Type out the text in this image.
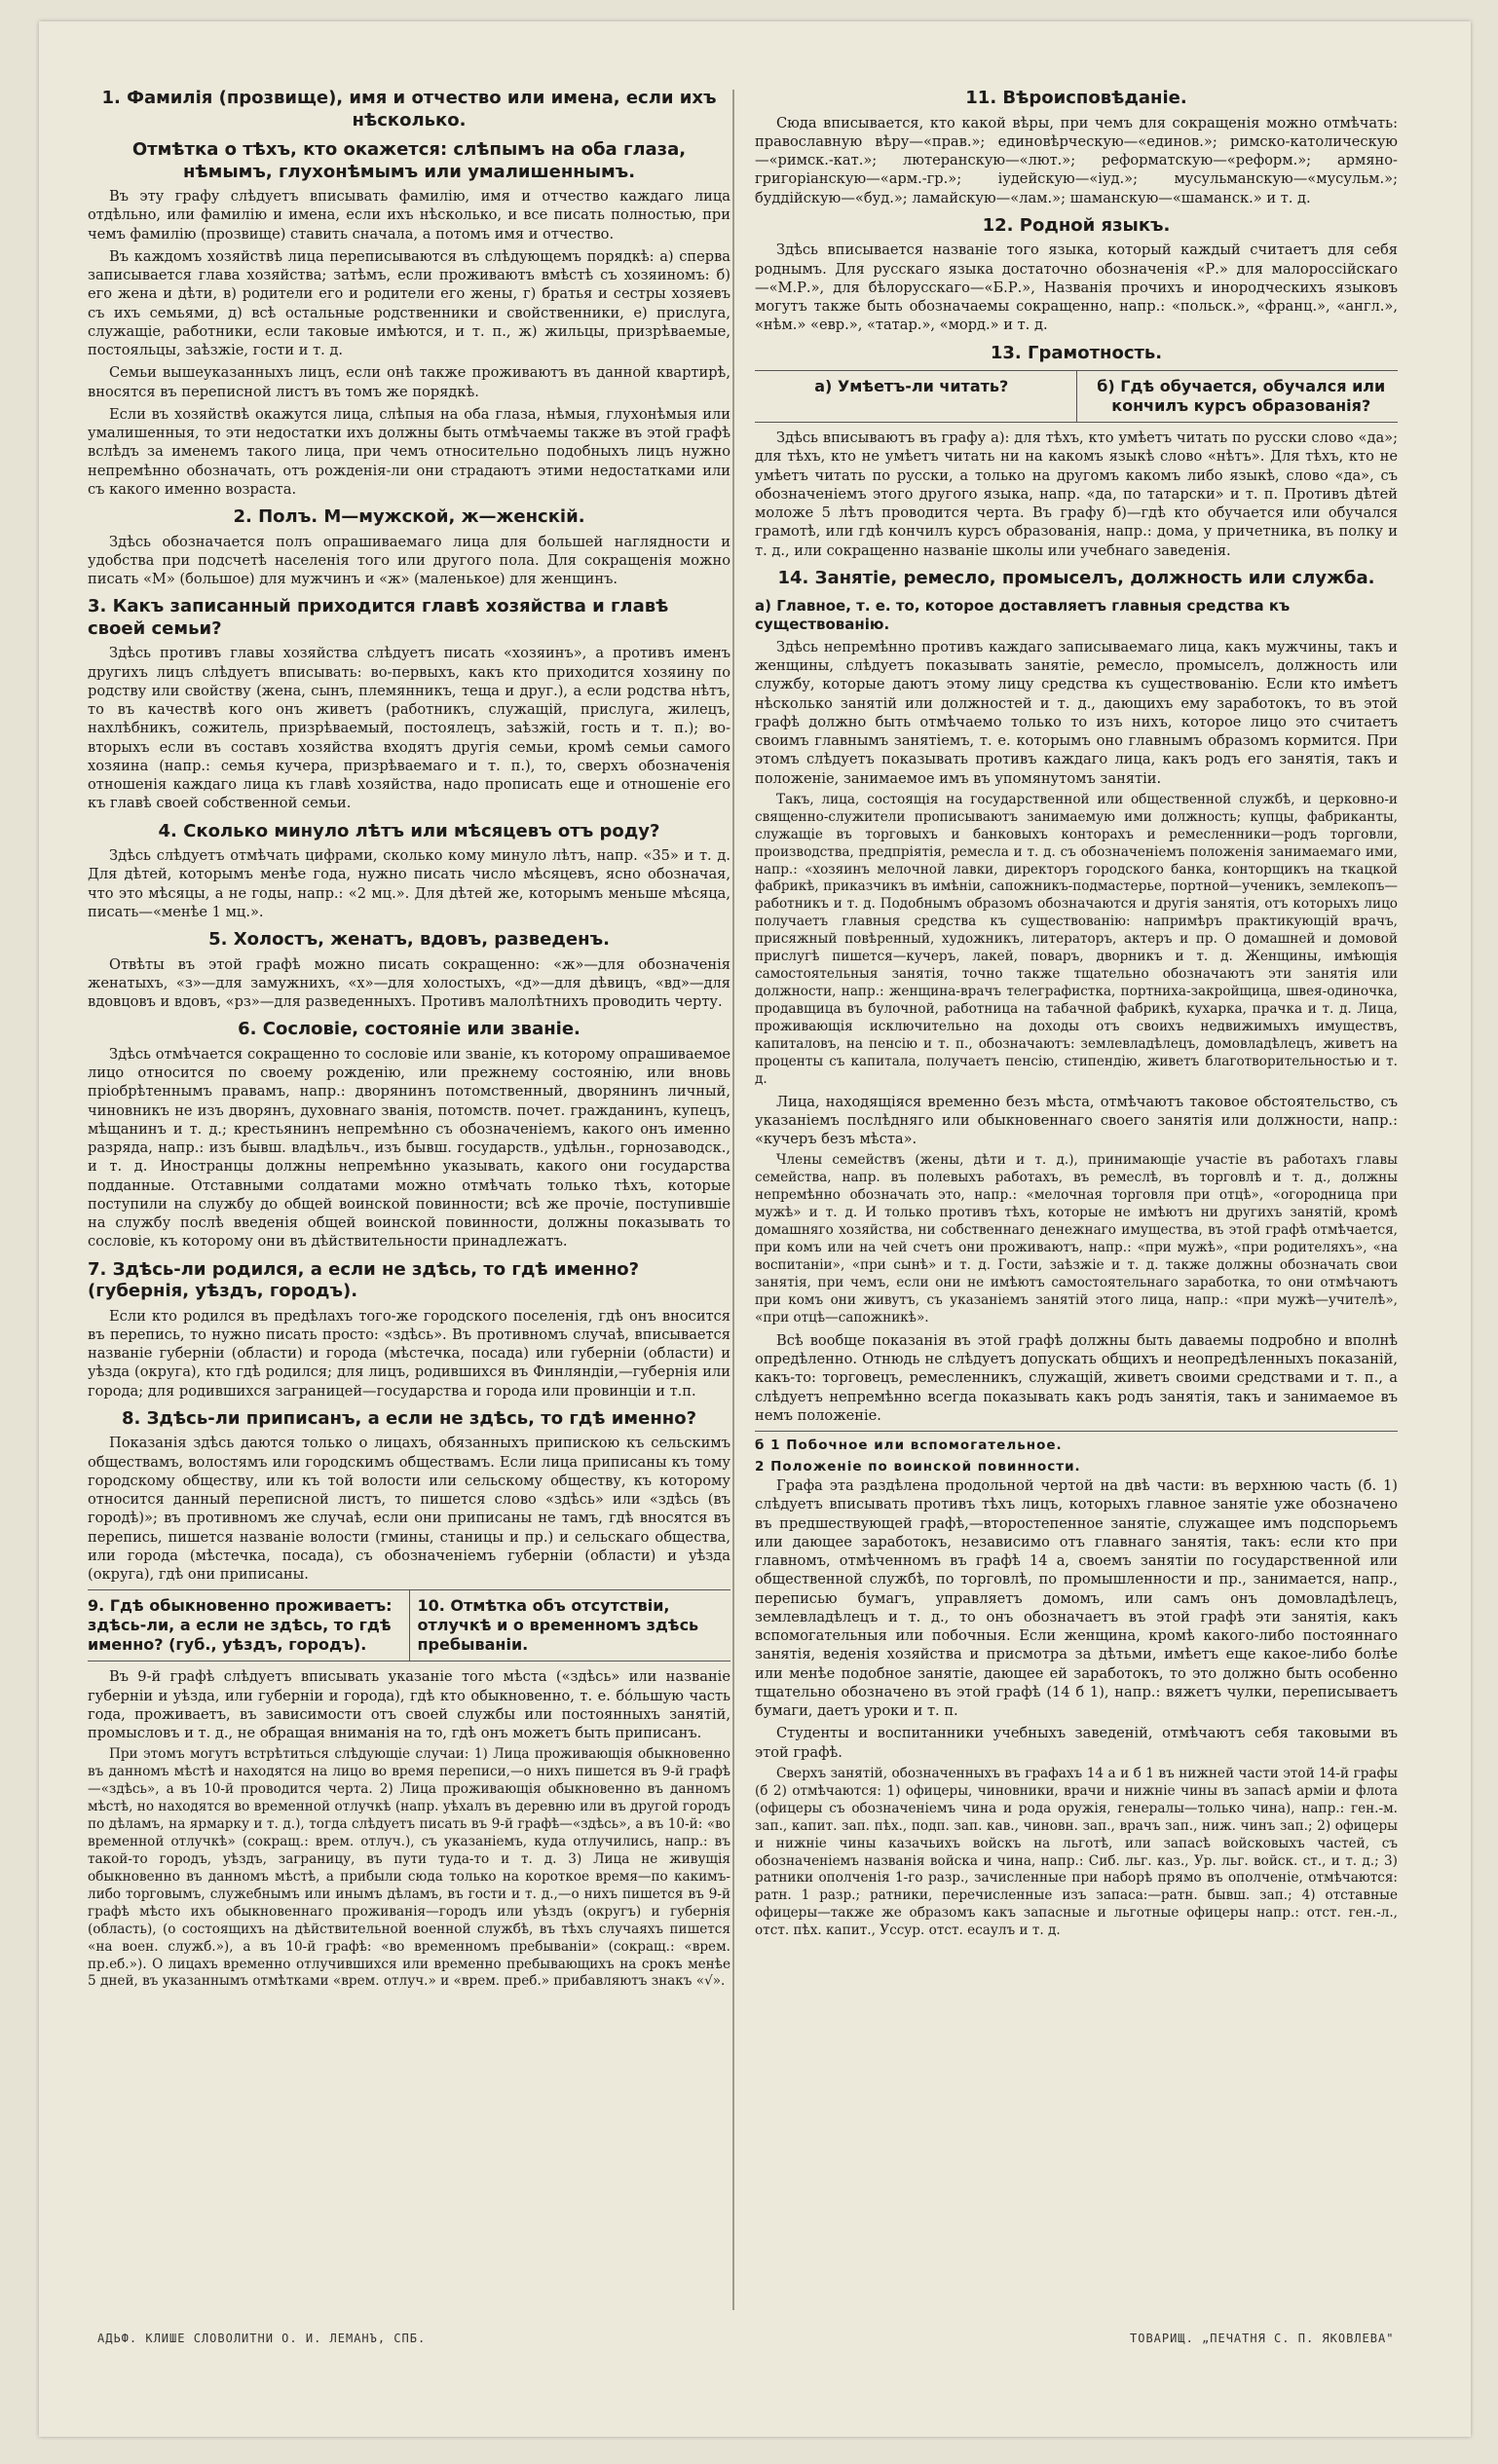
1. Фамилія (прозвище), имя и отчество или имена, если ихъ нѣсколько.
Отмѣтка о тѣхъ, кто окажется: слѣпымъ на оба глаза, нѣмымъ, глухонѣмымъ или умалишеннымъ.

Въ эту графу слѣдуетъ вписывать фамилію, имя и отчество каждаго лица отдѣльно, или фамилію и имена, если ихъ нѣсколько, и все писать полностью, при чемъ фамилію (прозвище) ставить сначала, а потомъ имя и отчество.

Въ каждомъ хозяйствѣ лица переписываются въ слѣдующемъ порядкѣ: а) сперва записывается глава хозяйства; затѣмъ, если проживаютъ вмѣстѣ съ хозяиномъ: б) его жена и дѣти, в) родители его и родители его жены, г) братья и сестры хозяевъ съ ихъ семьями, д) всѣ остальные родственники и свойственники, е) прислуга, служащіе, работники, если таковые имѣются, и т. п., ж) жильцы, призрѣваемые, постояльцы, заѣзжіе, гости и т. д.

Семьи вышеуказанныхъ лицъ, если онѣ также проживаютъ въ данной квартирѣ, вносятся въ переписной листъ въ томъ же порядкѣ.

Если въ хозяйствѣ окажутся лица, слѣпыя на оба глаза, нѣмыя, глухонѣмыя или умалишенныя, то эти недостатки ихъ должны быть отмѣчаемы также въ этой графѣ вслѣдъ за именемъ такого лица, при чемъ относительно подобныхъ лицъ нужно непремѣнно обозначать, отъ рожденія-ли они страдаютъ этими недостатками или съ какого именно возраста.

2. Полъ. М—мужской, ж—женскій.

Здѣсь обозначается полъ опрашиваемаго лица для большей наглядности и удобства при подсчетѣ населенія того или другого пола. Для сокращенія можно писать «М» (большое) для мужчинъ и «ж» (маленькое) для женщинъ.

3. Какъ записанный приходится главѣ хозяйства и главѣ своей семьи?

Здѣсь противъ главы хозяйства слѣдуетъ писать «хозяинъ», а противъ именъ другихъ лицъ слѣдуетъ вписывать: во-первыхъ, какъ кто приходится хозяину по родству или свойству (жена, сынъ, племянникъ, теща и друг.), а если родства нѣтъ, то въ качествѣ кого онъ живетъ (работникъ, служащій, прислуга, жилецъ, нахлѣбникъ, сожитель, призрѣваемый, постоялецъ, заѣзжій, гость и т. п.); во-вторыхъ если въ составъ хозяйства входятъ другія семьи, кромѣ семьи самого хозяина (напр.: семья кучера, призрѣваемаго и т. п.), то, сверхъ обозначенія отношенія каждаго лица къ главѣ хозяйства, надо прописать еще и отношеніе его къ главѣ своей собственной семьи.

4. Сколько минуло лѣтъ или мѣсяцевъ отъ роду?

Здѣсь слѣдуетъ отмѣчать цифрами, сколько кому минуло лѣтъ, напр. «35» и т. д. Для дѣтей, которымъ менѣе года, нужно писать число мѣсяцевъ, ясно обозначая, что это мѣсяцы, а не годы, напр.: «2 мц.». Для дѣтей же, которымъ меньше мѣсяца, писать—«менѣе 1 мц.».

5. Холостъ, женатъ, вдовъ, разведенъ.

Отвѣты въ этой графѣ можно писать сокращенно: «ж»—для обозначенія женатыхъ, «з»—для замужнихъ, «х»—для холостыхъ, «д»—для дѣвицъ, «вд»—для вдовцовъ и вдовъ, «рз»—для разведенныхъ. Противъ малолѣтнихъ проводить черту.

6. Сословіе, состояніе или званіе.

Здѣсь отмѣчается сокращенно то сословіе или званіе, къ которому опрашиваемое лицо относится по своему рожденію, или прежнему состоянію, или вновь пріобрѣтеннымъ правамъ, напр.: дворянинъ потомственный, дворянинъ личный, чиновникъ не изъ дворянъ, духовнаго званія, потомств. почет. гражданинъ, купецъ, мѣщанинъ и т. д.; крестьянинъ непремѣнно съ обозначеніемъ, какого онъ именно разряда, напр.: изъ бывш. владѣльч., изъ бывш. государств., удѣльн., горнозаводск., и т. д. Иностранцы должны непремѣнно указывать, какого они государства подданные. Отставными солдатами можно отмѣчать только тѣхъ, которые поступили на службу до общей воинской повинности; всѣ же прочіе, поступившіе на службу послѣ введенія общей воинской повинности, должны показывать то сословіе, къ которому они въ дѣйствительности принадлежатъ.

7. Здѣсь-ли родился, а если не здѣсь, то гдѣ именно? (губернія, уѣздъ, городъ).

Если кто родился въ предѣлахъ того-же городского поселенія, гдѣ онъ вносится въ перепись, то нужно писать просто: «здѣсь». Въ противномъ случаѣ, вписывается названіе губерніи (области) и города (мѣстечка, посада) или губерніи (области) и уѣзда (округа), кто гдѣ родился; для лицъ, родившихся въ Финляндіи,—губернія или города; для родившихся заграницей—государства и города или провинціи и т.п.

8. Здѣсь-ли приписанъ, а если не здѣсь, то гдѣ именно?

Показанія здѣсь даются только о лицахъ, обязанныхъ припискою къ сельскимъ обществамъ, волостямъ или городскимъ обществамъ. Если лица приписаны къ тому городскому обществу, или къ той волости или сельскому обществу, къ которому относится данный переписной листъ, то пишется слово «здѣсь» или «здѣсь (въ городѣ)»; въ противномъ же случаѣ, если они приписаны не тамъ, гдѣ вносятся въ перепись, пишется названіе волости (гмины, станицы и пр.) и сельскаго общества, или города (мѣстечка, посада), съ обозначеніемъ губерніи (области) и уѣзда (округа), гдѣ они приписаны.

9. Гдѣ обыкновенно проживаетъ: здѣсь-ли, а если не здѣсь, то гдѣ именно? (губ., уѣздъ, городъ).
10. Отмѣтка объ отсутствіи, отлучкѣ и о временномъ здѣсь пребываніи.

Въ 9-й графѣ слѣдуетъ вписывать указаніе того мѣста («здѣсь» или названіе губерніи и уѣзда, или губерніи и города), гдѣ кто обыкновенно, т. е. бóльшую часть года, проживаетъ, въ зависимости отъ своей службы или постоянныхъ занятій, промысловъ и т. д., не обращая вниманія на то, гдѣ онъ можетъ быть приписанъ.

При этомъ могутъ встрѣтиться слѣдующіе случаи: 1) Лица проживающія обыкновенно въ данномъ мѣстѣ и находятся на лицо во время переписи,—о нихъ пишется въ 9-й графѣ—«здѣсь», а въ 10-й проводится черта. 2) Лица проживающія обыкновенно въ данномъ мѣстѣ, но находятся во временной отлучкѣ (напр. уѣхалъ въ деревню или въ другой городъ по дѣламъ, на ярмарку и т. д.), тогда слѣдуетъ писать въ 9-й графѣ—«здѣсь», а въ 10-й: «во временной отлучкѣ» (сокращ.: врем. отлуч.), съ указаніемъ, куда отлучились, напр.: въ такой-то городъ, уѣздъ, заграницу, въ пути туда-то и т. д. 3) Лица не живущія обыкновенно въ данномъ мѣстѣ, а прибыли сюда только на короткое время—по какимъ-либо торговымъ, служебнымъ или инымъ дѣламъ, въ гости и т. д.,—о нихъ пишется въ 9-й графѣ мѣсто ихъ обыкновеннаго проживанія—городъ или уѣздъ (округъ) и губернія (область), (о состоящихъ на дѣйствительной военной службѣ, въ тѣхъ случаяхъ пишется «на воен. служб.»), а въ 10-й графѣ: «во временномъ пребываніи» (сокращ.: «врем. пр.еб.»). О лицахъ временно отлучившихся или временно пребывающихъ на срокъ менѣе 5 дней, въ указаннымъ отмѣтками «врем. отлуч.» и «врем. преб.» прибавляютъ знакъ «√».

11. Вѣроисповѣданіе.

Сюда вписывается, кто какой вѣры, при чемъ для сокращенія можно отмѣчать: православную вѣру—«прав.»; единовѣрческую—«единов.»; римско-католическую—«римск.-кат.»; лютеранскую—«лют.»; реформатскую—«реформ.»; армяно-григоріанскую—«арм.-гр.»; іудейскую—«іуд.»; мусульманскую—«мусульм.»; буддійскую—«буд.»; ламайскую—«лам.»; шаманскую—«шаманск.» и т. д.

12. Родной языкъ.

Здѣсь вписывается названіе того языка, который каждый считаетъ для себя роднымъ. Для русскаго языка достаточно обозначенія «Р.» для малороссійскаго—«М.Р.», для бѣлорусскаго—«Б.Р.», Названія прочихъ и инородческихъ языковъ могутъ также быть обозначаемы сокращенно, напр.: «польск.», «франц.», «англ.», «нѣм.» «евр.», «татар.», «морд.» и т. д.

13. Грамотность.
а) Умѣетъ-ли читать?	б) Гдѣ обучается, обучался или кончилъ курсъ образованія?

Здѣсь вписываютъ въ графу а): для тѣхъ, кто умѣетъ читать по русски слово «да»; для тѣхъ, кто не умѣетъ читать ни на какомъ языкѣ слово «нѣтъ». Для тѣхъ, кто не умѣетъ читать по русски, а только на другомъ какомъ либо языкѣ, слово «да», съ обозначеніемъ этого другого языка, напр. «да, по татарски» и т. п. Противъ дѣтей моложе 5 лѣтъ проводится черта. Въ графу б)—гдѣ кто обучается или обучался грамотѣ, или гдѣ кончилъ курсъ образованія, напр.: дома, у причетника, въ полку и т. д., или сокращенно названіе школы или учебнаго заведенія.

14. Занятіе, ремесло, промыселъ, должность или служба.
а) Главное, т. е. то, которое доставляетъ главныя средства къ существованію.

Здѣсь непремѣнно противъ каждаго записываемаго лица, какъ мужчины, такъ и женщины, слѣдуетъ показывать занятіе, ремесло, промыселъ, должность или службу, которые даютъ этому лицу средства къ существованію. Если кто имѣетъ нѣсколько занятій или должностей и т. д., дающихъ ему заработокъ, то въ этой графѣ должно быть отмѣчаемо только то изъ нихъ, которое лицо это считаетъ своимъ главнымъ занятіемъ, т. е. которымъ оно главнымъ образомъ кормится. При этомъ слѣдуетъ показывать противъ каждаго лица, какъ родъ его занятія, такъ и положеніе, занимаемое имъ въ упомянутомъ занятіи.

Такъ, лица, состоящія на государственной или общественной службѣ, и церковно-и священно-служители прописываютъ занимаемую ими должность; купцы, фабриканты, служащіе въ торговыхъ и банковыхъ конторахъ и ремесленники—родъ торговли, производства, предпріятія, ремесла и т. д. съ обозначеніемъ положенія занимаемаго ими, напр.: «хозяинъ мелочной лавки, директоръ городского банка, конторщикъ на ткацкой фабрикѣ, приказчикъ въ имѣніи, сапожникъ-подмастерье, портной—ученикъ, землекопъ—работникъ и т. д. Подобнымъ образомъ обозначаются и другія занятія, отъ которыхъ лицо получаетъ главныя средства къ существованію: напримѣръ практикующій врачъ, присяжный повѣренный, художникъ, литераторъ, актеръ и пр. О домашней и домовой прислугѣ пишется—кучеръ, лакей, поваръ, дворникъ и т. д. Женщины, имѣющія самостоятельныя занятія, точно также тщательно обозначаютъ эти занятія или должности, напр.: женщина-врачъ телеграфистка, портниха-закройщица, швея-одиночка, продавщица въ булочной, работница на табачной фабрикѣ, кухарка, прачка и т. д. Лица, проживающія исключительно на доходы отъ своихъ недвижимыхъ имуществъ, капиталовъ, на пенсію и т. п., обозначаютъ: землевладѣлецъ, домовладѣлецъ, живетъ на проценты съ капитала, получаетъ пенсію, стипендію, живетъ благотворительностью и т. д.

Лица, находящіяся временно безъ мѣста, отмѣчаютъ таковое обстоятельство, съ указаніемъ послѣдняго или обыкновеннаго своего занятія или должности, напр.: «кучеръ безъ мѣста».

Члены семействъ (жены, дѣти и т. д.), принимающіе участіе въ работахъ главы семейства, напр. въ полевыхъ работахъ, въ ремеслѣ, въ торговлѣ и т. д., должны непремѣнно обозначать это, напр.: «мелочная торговля при отцѣ», «огородница при мужѣ» и т. д. И только противъ тѣхъ, которые не имѣютъ ни другихъ занятій, кромѣ домашняго хозяйства, ни собственнаго денежнаго имущества, въ этой графѣ отмѣчается, при комъ или на чей счетъ они проживаютъ, напр.: «при мужѣ», «при родителяхъ», «на воспитаніи», «при сынѣ» и т. д. Гости, заѣзжіе и т. д. также должны обозначать свои занятія, при чемъ, если они не имѣютъ самостоятельнаго заработка, то они отмѣчаютъ при комъ они живутъ, съ указаніемъ занятій этого лица, напр.: «при мужѣ—учителѣ», «при отцѣ—сапожникѣ».

Всѣ вообще показанія въ этой графѣ должны быть даваемы подробно и вполнѣ опредѣленно. Отнюдь не слѣдуетъ допускать общихъ и неопредѣленныхъ показаній, какъ-то: торговецъ, ремесленникъ, служащій, живетъ своими средствами и т. п., а слѣдуетъ непремѣнно всегда показывать какъ родъ занятія, такъ и занимаемое въ немъ положеніе.

б 1 Побочное или вспомогательное.
2 Положеніе по воинской повинности.

Графа эта раздѣлена продольной чертой на двѣ части: въ верхнюю часть (б. 1) слѣдуетъ вписывать противъ тѣхъ лицъ, которыхъ главное занятіе уже обозначено въ предшествующей графѣ,—второстепенное занятіе, служащее имъ подспорьемъ или дающее заработокъ, независимо отъ главнаго занятія, такъ: если кто при главномъ, отмѣченномъ въ графѣ 14 а, своемъ занятіи по государственной или общественной службѣ, по торговлѣ, по промышленности и пр., занимается, напр., переписью бумагъ, управляетъ домомъ, или самъ онъ домовладѣлецъ, землевладѣлецъ и т. д., то онъ обозначаетъ въ этой графѣ эти занятія, какъ вспомогательныя или побочныя. Если женщина, кромѣ какого-либо постояннаго занятія, веденія хозяйства и присмотра за дѣтьми, имѣетъ еще какое-либо болѣе или менѣе подобное занятіе, дающее ей заработокъ, то это должно быть особенно тщательно обозначено въ этой графѣ (14 б 1), напр.: вяжетъ чулки, переписываетъ бумаги, даетъ уроки и т. п.

Студенты и воспитанники учебныхъ заведеній, отмѣчаютъ себя таковыми въ этой графѣ.

Сверхъ занятій, обозначенныхъ въ графахъ 14 а и б 1 въ нижней части этой 14-й графы (б 2) отмѣчаются: 1) офицеры, чиновники, врачи и нижніе чины въ запасѣ арміи и флота (офицеры съ обозначеніемъ чина и рода оружія, генералы—только чина), напр.: ген.-м. зап., капит. зап. пѣх., подп. зап. кав., чиновн. зап., врачъ зап., ниж. чинъ зап.; 2) офицеры и нижніе чины казачьихъ войскъ на льготѣ, или запасѣ войсковыхъ частей, съ обозначеніемъ названія войска и чина, напр.: Сиб. льг. каз., Ур. льг. войск. ст., и т. д.; 3) ратники ополченія 1-го разр., зачисленные при наборѣ прямо въ ополченіе, отмѣчаются: ратн. 1 разр.; ратники, перечисленные изъ запаса:—ратн. бывш. зап.; 4) отставные офицеры—также же образомъ какъ запасные и льготные офицеры напр.: отст. ген.-л., отст. пѣх. капит., Уссур. отст. есаулъ и т. д.

АДЬФ. КЛИШЕ СЛОВОЛИТНИ О. И. ЛЕМАНЪ, СПБ.	ТОВАРИЩ. „ПЕЧАТНЯ С. П. ЯКОВЛЕВА"
